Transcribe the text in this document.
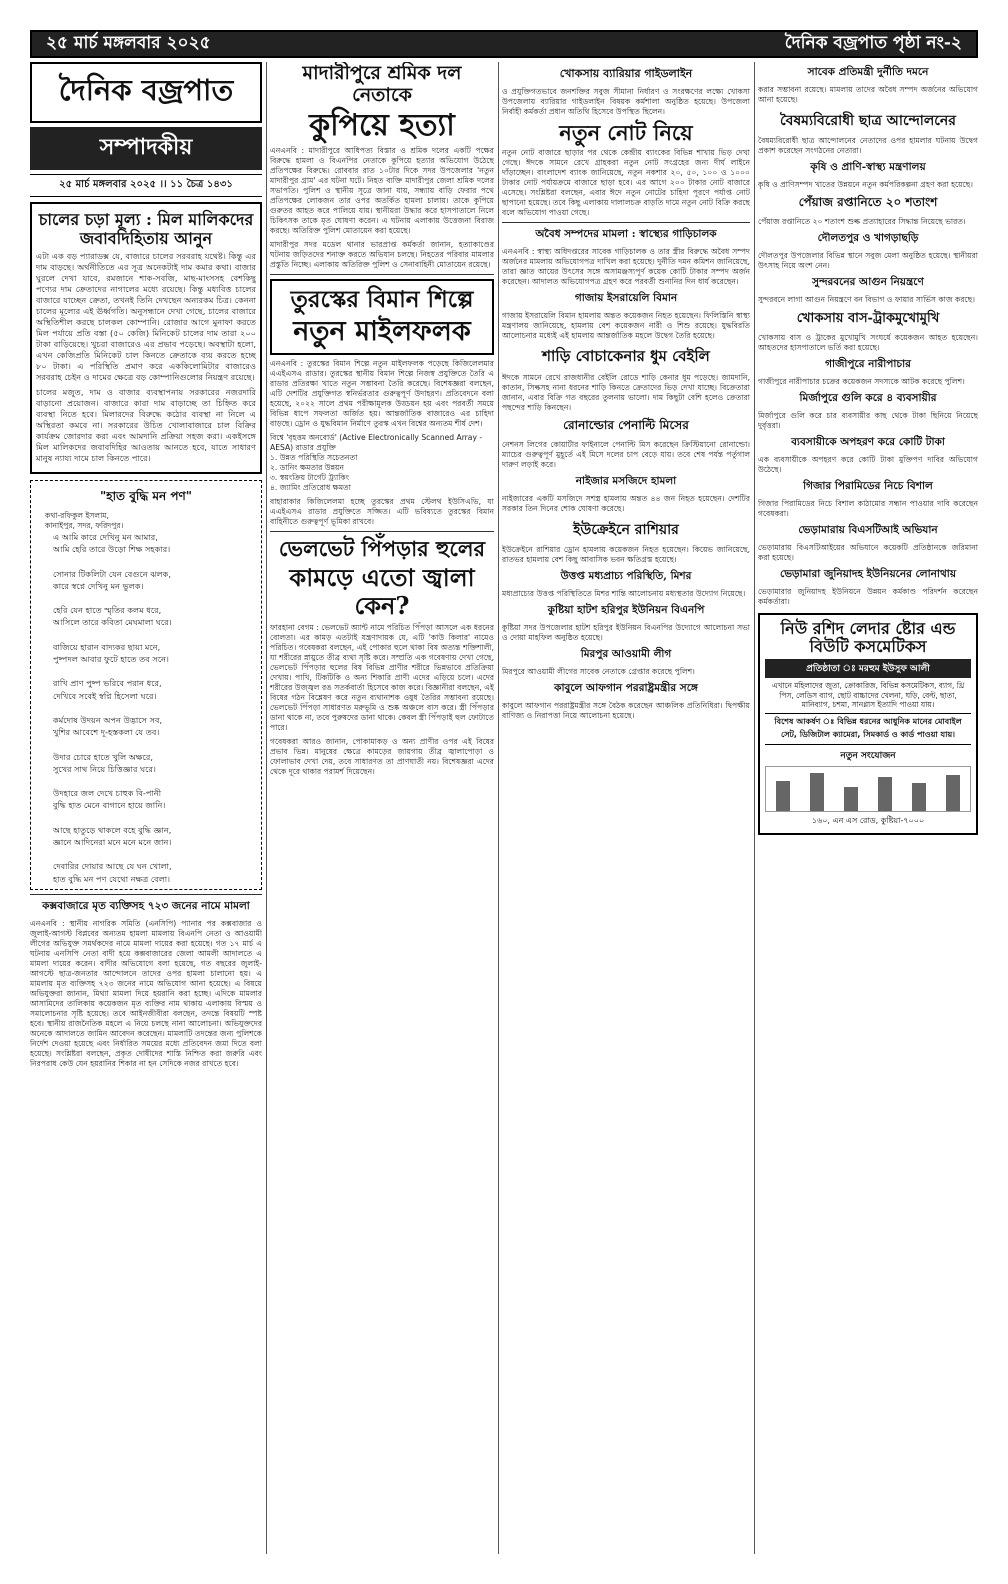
২৫ মার্চ মঙ্গলবার ২০২৫	দৈনিক বজ্রপাত পৃষ্ঠা নং-২
দৈনিক বজ্রপাত
সম্পাদকীয়
২৫ মার্চ মঙ্গলবার ২০২৫ ।। ১১ চৈত্র ১৪৩১
চালের চড়া মূল্য : মিল মালিকদের জবাবদিহিতায় আনুন

এটা এক বড় প্যারাডক্স যে, বাজারে চালের সরবরাহ যথেষ্ট। কিন্তু এর দাম বাড়ছে। অর্থনীতিতে এর সূত্র অনেকটাই দাম কমার কথা। বাজার ঘুরলে দেখা যাবে, রমজানে শাক-সবজি, মাছ-মাংসসহ বেশকিছু পণ্যের দাম ক্রেতাদের নাগালের মধ্যে রয়েছে। কিন্তু মধ্যবিত্ত চালের বাজারে যাচ্ছেন ক্রেতা, তখনই তিনি দেখছেন অন্যরকম চিত্র। কেননা চালের মূল্যের এই ঊর্ধ্বগতি। অনুসন্ধানে দেখা গেছে, চালের বাজারে অস্থিতিশীল করছে চালকল কোম্পানি। রোজার আগে মুনাফা করতে মিল পর্যায়ে প্রতি বস্তা (৫০ কেজি) মিনিকেট চালের দাম তারা ২০০ টাকা বাড়িয়েছে। খুচরা বাজারেও এর প্রভাব পড়েছে। অবস্থাটা হলো, এখন কেজিপ্রতি মিনিকেট চাল কিনতে ক্রেতাকে ব্যয় করতে হচ্ছে ৮০ টাকা। এ পরিস্থিতি প্রমাণ করে এককিলোমিটার বাজারেও সরবরাহ চেইন ও দামের ক্ষেত্রে বড় কোম্পানিগুলোর নিয়ন্ত্রণ রয়েছে।

চালের মজুত, দাম ও বাজার ব্যবস্থাপনায় সরকারের নজরদারি বাড়ানো প্রয়োজন। বাজারে কারা দাম বাড়াচ্ছে তা চিহ্নিত করে ব্যবস্থা নিতে হবে। মিলারদের বিরুদ্ধে কঠোর ব্যবস্থা না নিলে এ অস্থিরতা কমবে না। সরকারের উচিত খোলাবাজারে চাল বিক্রির কার্যক্রম জোরদার করা এবং আমদানি প্রক্রিয়া সহজ করা। একইসঙ্গে মিল মালিকদের জবাবদিহির আওতায় আনতে হবে, যাতে সাধারণ মানুষ ন্যায্য দামে চাল কিনতে পারে।

"হাত বুদ্ধি মন পণ"
কথা-রফিকুল ইসলাম,
কানাইপুর, সদর, ফরিদপুর।
এ আমি কারে দেখিনু মন আমার,
আমি হেরি তারে উড়ো শিক্ষ সহকার।

সোনার টিকলিটা যেন বেগুনে ঝলক,
কারে স্বপ্নে দেখিনু মন ভুলক।

হেরি যেন হাতে স্মৃতির কলম ধরে,
আসিলে তারে কবিতা মেঘমালা ঘরে।

বাজিয়ে হারান বাদ্যকর ছায়া মনে,
পুষ্পদল আবার ফুটে হাতে তব সনে।

রাখি প্রাণ পুষ্প ভরিবে পরান ধরে,
দেখিবে সবেই স্বপ্নি হিসেলা ঘরে।

কর্মদোষ উদয়ন অপন উদ্ভাসে সব,
খুশির আবেশে দূ-হস্তকলা যে তব।

উদার চোরে হাতে খুলি অক্ষরে,
সুখের সাথ নিয়ে চিত্তিজ্ঞার ঘরে।

উদহারে জল দেখে চাহুক বি-পানী
বুদ্ধি হাত মেনে বাগানে হায়ে জানি।

আছে হাতুড়ে থাকলে বহে বুদ্ধি জ্ঞান,
জ্ঞানে আদিনেরা মনে মনে মনে জান।

দেবারির দোয়ার আছে যে ঘন খোলা,
হাত বুদ্ধি মন পণ যেথো নক্ষত্র বেলা।
কক্সবাজারে মৃত ব্যক্তিসহ ৭২৩ জনের নামে মামলা

এনএনবি : স্থানীয় নাগরিক সমিতি (এনসিপি) প্যানার পর কক্সবাজার ও জুলাই-আগস্ট বিপ্লবের অন্যতম হামলা মামলায় বিএনপি নেতা ও আওয়ামী লীগের অভিযুক্ত সমর্থকদের নামে মামলা দায়ের করা হয়েছে। গত ১৭ মার্চ এ ঘটনায় এনসিপি নেতা বাদী হয়ে কক্সবাজারের জেলা আমলী আদালতে এ মামলা দায়ের করেন। বাদীর অভিযোগে বলা হয়েছে, গত বছরের জুলাই-আগস্টে ছাত্র-জনতার আন্দোলনে তাদের ওপর হামলা চালানো হয়। এ মামলায় মৃত ব্যক্তিসহ ৭২৩ জনের নামে অভিযোগ আনা হয়েছে। এ বিষয়ে অভিযুক্তরা জানান, মিথ্যা মামলা দিয়ে হয়রানি করা হচ্ছে। এদিকে মামলার আসামিদের তালিকায় কয়েকজন মৃত ব্যক্তির নাম থাকায় এলাকায় বিস্ময় ও সমালোচনার সৃষ্টি হয়েছে। তবে আইনজীবীরা বলছেন, তদন্তে বিষয়টি স্পষ্ট হবে। স্থানীয় রাজনৈতিক মহলে এ নিয়ে চলছে নানা আলোচনা। অভিযুক্তদের অনেকে আদালতে জামিন আবেদন করেছেন। মামলাটি তদন্তের জন্য পুলিশকে নির্দেশ দেওয়া হয়েছে এবং নির্ধারিত সময়ের মধ্যে প্রতিবেদন জমা দিতে বলা হয়েছে। সংশ্লিষ্টরা বলছেন, প্রকৃত দোষীদের শাস্তি নিশ্চিত করা জরুরি এবং নিরপরাধ কেউ যেন হয়রানির শিকার না হন সেদিকে নজর রাখতে হবে।

মাদারীপুরে শ্রমিক দল নেতাকে
কুপিয়ে হত্যা

এনএনবি : মাদারীপুরে আধিপত্য বিস্তার ও শ্রমিক দলের একটি পক্ষের বিরুদ্ধে হামলা ও বিএনপির নেতাকে কুপিয়ে হত্যার অভিযোগ উঠেছে প্রতিপক্ষের বিরুদ্ধে। রোববার রাত ১০টার দিকে সদর উপজেলার 'নতুন মাদারীপুর গ্রাম' এর ঘটনা ঘটে। নিহত ব্যক্তি মাদারীপুর জেলা শ্রমিক দলের সভাপতি। পুলিশ ও স্থানীয় সূত্রে জানা যায়, সন্ধ্যায় বাড়ি ফেরার পথে প্রতিপক্ষের লোকজন তার ওপর অতর্কিত হামলা চালায়। তাকে কুপিয়ে গুরুতর আহত করে পালিয়ে যায়। স্থানীয়রা উদ্ধার করে হাসপাতালে নিলে চিকিৎসক তাকে মৃত ঘোষণা করেন। এ ঘটনায় এলাকায় উত্তেজনা বিরাজ করছে। অতিরিক্ত পুলিশ মোতায়েন করা হয়েছে।

মাদারীপুর সদর মডেল থানার ভারপ্রাপ্ত কর্মকর্তা জানান, হত্যাকাণ্ডের ঘটনায় জড়িতদের শনাক্ত করতে অভিযান চলছে। নিহতের পরিবার মামলার প্রস্তুতি নিচ্ছে। এলাকায় অতিরিক্ত পুলিশ ও সেনাবাহিনী মোতায়েন রয়েছে।

তুরস্কের বিমান শিল্পে
নতুন মাইলফলক

এনএনবি : তুরস্কের বিমান শিল্পে নতুন মাইলফলক পড়েছে কিজিলেলমার এএইএসএ রাডার। তুরস্কের স্থানীয় বিমান শিল্পে নিজস্ব প্রযুক্তিতে তৈরি এ রাডার প্রতিরক্ষা খাতে নতুন সম্ভাবনা তৈরি করেছে। বিশেষজ্ঞরা বলছেন, এটি দেশটির প্রযুক্তিগত স্বনির্ভরতার গুরুত্বপূর্ণ উদাহরণ। প্রতিবেদনে বলা হয়েছে, ২০২২ সালে প্রথম পরীক্ষামূলক উড্ডয়ন হয় এবং পরবর্তী সময়ে বিভিন্ন ধাপে সফলতা অর্জিত হয়। আন্তর্জাতিক বাজারেও এর চাহিদা বাড়ছে। ড্রোন ও যুদ্ধবিমান নির্মাণে তুরস্ক এখন বিশ্বের অন্যতম শীর্ষ দেশ।

বিশ্বে 'বৃহত্তম অনবোর্ড' (Active Electronically Scanned Array - AESA) রাডার প্রযুক্তি
১. উন্নত পরিস্থিতি সচেতনতা
২. ডানিং ক্ষমতার উন্নয়ন
৩. স্বয়ংক্রিয় টার্গেট ট্র্যাকিং
৪. জ্যামিং প্রতিরোধ ক্ষমতা

বাহারাকার কিজিলেলমা হচ্ছে তুরস্কের প্রথম স্টেলথ ইউসিএভি, যা এএইএসএ রাডার প্রযুক্তিতে সজ্জিত। এটি ভবিষ্যতে তুরস্কের বিমান বাহিনীতে গুরুত্বপূর্ণ ভূমিকা রাখবে।

ভেলভেট পিঁপড়ার হুলের
কামড়ে এতো জ্বালা কেন?

ফারহানা বেগম : ভেলভেট অ্যান্ট নামে পরিচিত পিঁপড়া আসলে এক ধরনের বোলতা। এর কামড় এতটাই যন্ত্রণাদায়ক যে, এটি 'কাউ কিলার' নামেও পরিচিত। গবেষকরা বলছেন, এই পোকার হুলে থাকা বিষ অত্যন্ত শক্তিশালী, যা শরীরের স্নায়ুতে তীব্র ব্যথা সৃষ্টি করে। সম্প্রতি এক গবেষণায় দেখা গেছে, ভেলভেট পিঁপড়ার হুলের বিষ বিভিন্ন প্রাণীর শরীরে ভিন্নভাবে প্রতিক্রিয়া দেখায়। পাখি, টিকটিকি ও অন্য শিকারি প্রাণী এদের এড়িয়ে চলে। এদের শরীরের উজ্জ্বল রঙ সতর্কবার্তা হিসেবে কাজ করে। বিজ্ঞানীরা বলছেন, এই বিষের গঠন বিশ্লেষণ করে নতুন ব্যথানাশক ওষুধ তৈরির সম্ভাবনা রয়েছে। ভেলভেট পিঁপড়া সাধারণত মরুভূমি ও শুষ্ক অঞ্চলে বাস করে। স্ত্রী পিঁপড়ার ডানা থাকে না, তবে পুরুষদের ডানা থাকে। কেবল স্ত্রী পিঁপড়াই হুল ফোটাতে পারে।

গবেষকরা আরও জানান, পোকামাকড় ও অন্য প্রাণীর ওপর এই বিষের প্রভাব ভিন্ন। মানুষের ক্ষেত্রে কামড়ের জায়গায় তীব্র জ্বালাপোড়া ও ফোলাভাব দেখা দেয়, তবে সাধারণত তা প্রাণঘাতী নয়। বিশেষজ্ঞরা এদের থেকে দূরে থাকার পরামর্শ দিয়েছেন।

খোকসায় ব্যারিয়ার গাইডলাইন

ও প্রযুক্তিগতভাবে জনশক্তির সবুজ সীমানা নির্ধারণ ও সংরক্ষণের লক্ষ্যে খোকসা উপজেলায় ব্যারিয়ার গাইডলাইন বিষয়ক কর্মশালা অনুষ্ঠিত হয়েছে। উপজেলা নির্বাহী কর্মকর্তা প্রধান অতিথি হিসেবে উপস্থিত ছিলেন।

নতুন নোট নিয়ে

নতুন নোট বাজারে ছাড়ার পর থেকে কেন্দ্রীয় ব্যাংকের বিভিন্ন শাখায় ভিড় দেখা গেছে। ঈদকে সামনে রেখে গ্রাহকরা নতুন নোট সংগ্রহের জন্য দীর্ঘ লাইনে দাঁড়াচ্ছেন। বাংলাদেশ ব্যাংক জানিয়েছে, নতুন নকশার ২০, ৫০, ১০০ ও ১০০০ টাকার নোট পর্যায়ক্রমে বাজারে ছাড়া হবে। এর আগে ২০০ টাকার নোট বাজারে এসেছে। সংশ্লিষ্টরা বলছেন, এবার ঈদে নতুন নোটের চাহিদা পূরণে পর্যাপ্ত নোট ছাপানো হয়েছে। তবে কিছু এলাকায় দালালচক্র বাড়তি দামে নতুন নোট বিক্রি করছে বলে অভিযোগ পাওয়া গেছে।

অবৈধ সম্পদের মামলা : স্বাস্থ্যের গাড়িচালক

এনএনবি : স্বাস্থ্য অধিদপ্তরের সাবেক গাড়িচালক ও তার স্ত্রীর বিরুদ্ধে অবৈধ সম্পদ অর্জনের মামলায় অভিযোগপত্র দাখিল করা হয়েছে। দুর্নীতি দমন কমিশন জানিয়েছে, তারা জ্ঞাত আয়ের উৎসের সঙ্গে অসামঞ্জস্যপূর্ণ কয়েক কোটি টাকার সম্পদ অর্জন করেছেন। আদালত অভিযোগপত্র গ্রহণ করে পরবর্তী শুনানির দিন ধার্য করেছেন।

গাজায় ইসরায়েলি বিমান

গাজায় ইসরায়েলি বিমান হামলায় অন্তত কয়েকজন নিহত হয়েছেন। ফিলিস্তিনি স্বাস্থ্য মন্ত্রণালয় জানিয়েছে, হামলায় বেশ কয়েকজন নারী ও শিশু রয়েছে। যুদ্ধবিরতি আলোচনার মধ্যেই এই হামলায় আন্তর্জাতিক মহলে উদ্বেগ তৈরি হয়েছে।

শাড়ি বোচাকেনার ধুম বেইলি

ঈদকে সামনে রেখে রাজধানীর বেইলি রোডে শাড়ি কেনার ধুম পড়েছে। জামদানি, কাতান, সিল্কসহ নানা ধরনের শাড়ি কিনতে ক্রেতাদের ভিড় দেখা যাচ্ছে। বিক্রেতারা জানান, এবার বিক্রি গত বছরের তুলনায় ভালো। দাম কিছুটা বেশি হলেও ক্রেতারা পছন্দের শাড়ি কিনছেন।

রোনাল্ডোর পেনাল্টি মিসের

নেশনস লিগের কোয়ার্টার ফাইনালে পেনাল্টি মিস করেছেন ক্রিস্টিয়ানো রোনাল্ডো। ম্যাচের গুরুত্বপূর্ণ মুহূর্তে এই মিসে দলের চাপ বেড়ে যায়। তবে শেষ পর্যন্ত পর্তুগাল দারুণ লড়াই করে।

নাইজার মসজিদে হামলা

নাইজারের একটি মসজিদে সশস্ত্র হামলায় অন্তত ৪৪ জন নিহত হয়েছেন। দেশটির সরকার তিন দিনের শোক ঘোষণা করেছে।

ইউক্রেইনে রাশিয়ার

ইউক্রেইনে রাশিয়ার ড্রোন হামলায় কয়েকজন নিহত হয়েছেন। কিয়েভ জানিয়েছে, রাতভর হামলায় বেশ কিছু আবাসিক ভবন ক্ষতিগ্রস্ত হয়েছে।

উত্তপ্ত মধ্যপ্রাচ্য পরিস্থিতি, মিশর

মধ্যপ্রাচ্যের উত্তপ্ত পরিস্থিতিতে মিশর শান্তি আলোচনায় মধ্যস্থতার উদ্যোগ নিয়েছে।

কুষ্টিয়া হাটশ হরিপুর ইউনিয়ন বিএনপি

কুষ্টিয়া সদর উপজেলার হাটশ হরিপুর ইউনিয়ন বিএনপির উদ্যোগে আলোচনা সভা ও দোয়া মাহফিল অনুষ্ঠিত হয়েছে।

মিরপুর আওয়ামী লীগ

মিরপুরে আওয়ামী লীগের সাবেক নেতাকে গ্রেপ্তার করেছে পুলিশ।

কাবুলে আফগান পররাষ্ট্রমন্ত্রীর সঙ্গে

কাবুলে আফগান পররাষ্ট্রমন্ত্রীর সঙ্গে বৈঠক করেছেন আঞ্চলিক প্রতিনিধিরা। দ্বিপক্ষীয় বাণিজ্য ও নিরাপত্তা নিয়ে আলোচনা হয়েছে।

সাবেক প্রতিমন্ত্রী দুর্নীতি দমনে

করার সম্ভাবনা রয়েছে। মামলায় তাদের অবৈধ সম্পদ অর্জনের অভিযোগ আনা হয়েছে।

বৈষম্যবিরোধী ছাত্র আন্দোলনের

বৈষম্যবিরোধী ছাত্র আন্দোলনের নেতাদের ওপর হামলার ঘটনায় উদ্বেগ প্রকাশ করেছেন সংগঠনের নেতারা।

কৃষি ও প্রাণি-স্বাস্থ্য মন্ত্রণালয়

কৃষি ও প্রাণিসম্পদ খাতের উন্নয়নে নতুন কর্মপরিকল্পনা গ্রহণ করা হয়েছে।

পেঁয়াজ রপ্তানিতে ২০ শতাংশ

পেঁয়াজ রপ্তানিতে ২০ শতাংশ শুল্ক প্রত্যাহারের সিদ্ধান্ত নিয়েছে ভারত।

দৌলতপুর ও খাগড়াছড়ি

দৌলতপুর উপজেলার বিভিন্ন স্থানে সবুজ মেলা অনুষ্ঠিত হয়েছে। স্থানীয়রা উৎসাহ নিয়ে অংশ নেন।

সুন্দরবনের আগুন নিয়ন্ত্রণে

সুন্দরবনে লাগা আগুন নিয়ন্ত্রণে বন বিভাগ ও ফায়ার সার্ভিস কাজ করছে।

খোকসায় বাস-ট্রাকমুখোমুখি

খোকসায় বাস ও ট্রাকের মুখোমুখি সংঘর্ষে কয়েকজন আহত হয়েছেন। আহতদের হাসপাতালে ভর্তি করা হয়েছে।

গাজীপুরে নারীপাচার

গাজীপুরে নারীপাচার চক্রের কয়েকজন সদস্যকে আটক করেছে পুলিশ।

মির্জাপুরে গুলি করে ৪ ব্যবসায়ীর

মির্জাপুরে গুলি করে চার ব্যবসায়ীর কাছ থেকে টাকা ছিনিয়ে নিয়েছে দুর্বৃত্তরা।

ব্যবসায়ীকে অপহরণ করে কোটি টাকা

এক ব্যবসায়ীকে অপহরণ করে কোটি টাকা মুক্তিপণ দাবির অভিযোগ উঠেছে।

গিজার পিরামিডের নিচে বিশাল

গিজার পিরামিডের নিচে বিশাল কাঠামোর সন্ধান পাওয়ার দাবি করেছেন গবেষকরা।

ভেড়ামারায় বিএসটিআই অভিযান

ভেড়ামারায় বিএসটিআইয়ের অভিযানে কয়েকটি প্রতিষ্ঠানকে জরিমানা করা হয়েছে।

ভেড়ামারা জুনিয়াদহ ইউনিয়নের লোনাথায়

ভেড়ামারার জুনিয়াদহ ইউনিয়নে উন্নয়ন কর্মকাণ্ড পরিদর্শন করেছেন কর্মকর্তারা।

নিউ রশিদ লেদার ষ্টোর এন্ড বিউটি কসমেটিকস
প্রতিষ্ঠাতা ঃ মরহুম ইউসুফ আলী
এখানে মহিলাদের জুতা, ক্রোকারিজ, বিভিন্ন কসমেটিকস, ব্যাগ, থ্রি পিস, লেডিস ব্যাগ, ছোট বাচ্চাদের খেলনা, ঘড়ি, বেল্ট, ছাতা, মানিব্যাগ, চশমা, সানগ্লাস ইত্যাদি পাওয়া যায়।
বিশেষ আকর্ষণ ঃ বিভিন্ন ধরনের আধুনিক মানের মোবাইল সেট, ডিজিটাল ক্যামেরা, সিমকার্ড ও কার্ড পাওয়া যায়।
নতুন সংযোজন
১৬০, এন এস রোড, কুষ্টিয়া-৭০০০
